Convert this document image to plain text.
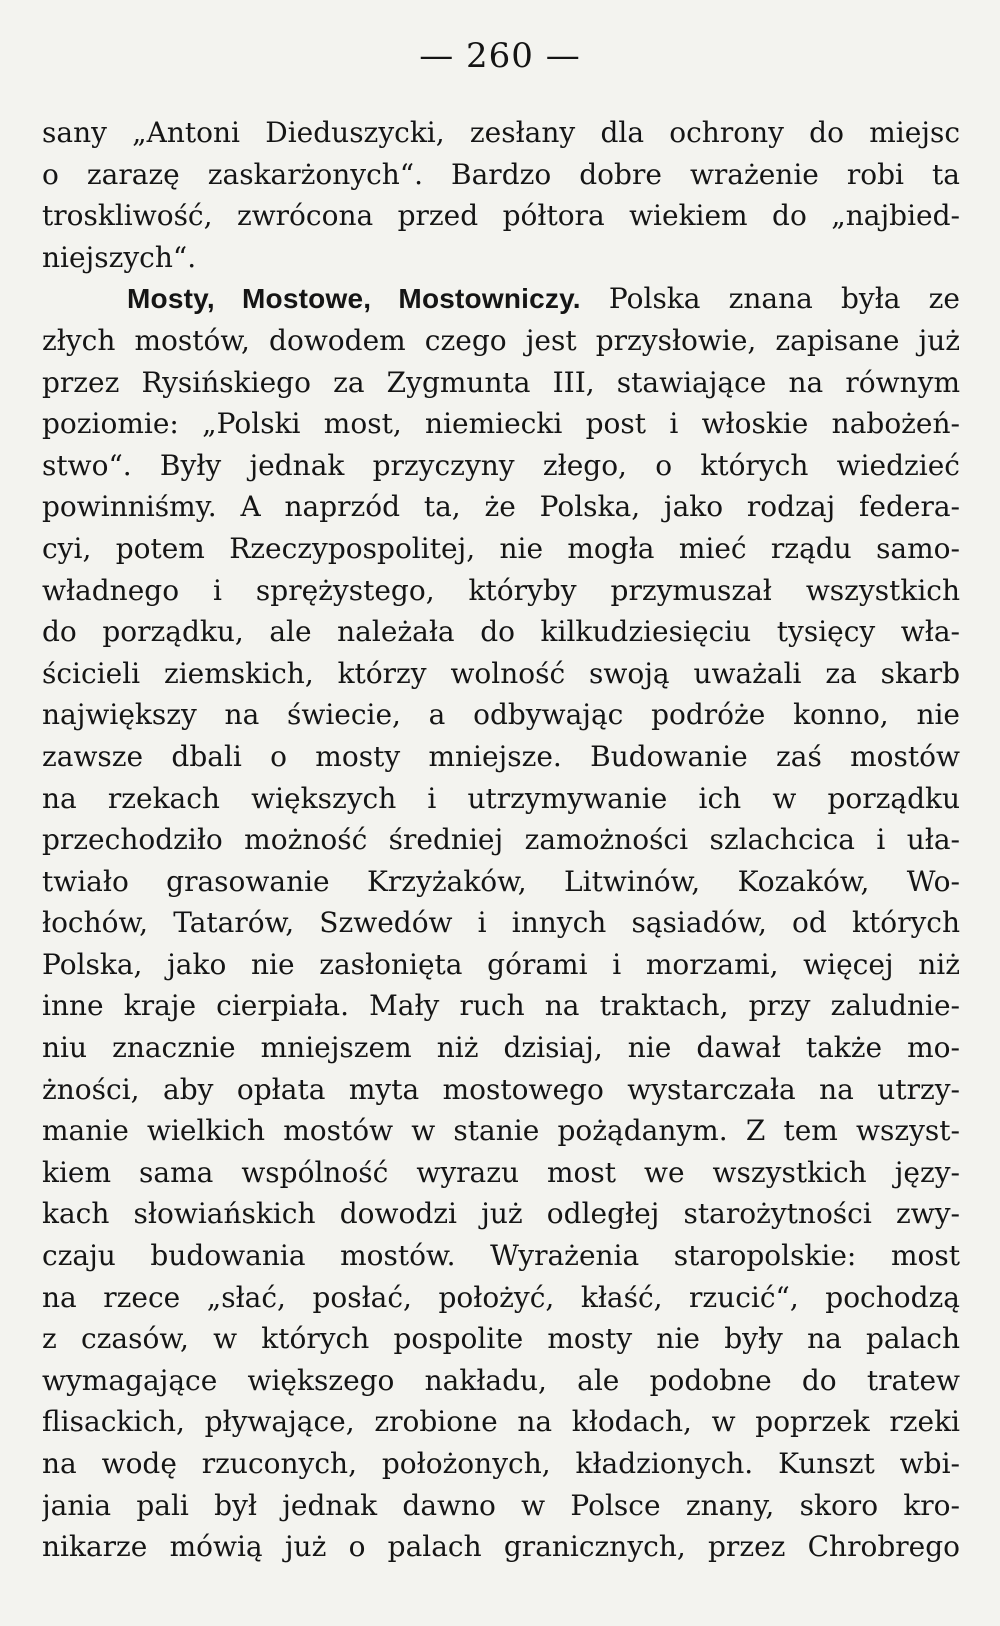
— 260 —
sany „Antoni Dieduszycki, zesłany dla ochrony do miejsc
o zarazę zaskarżonych“. Bardzo dobre wrażenie robi ta
troskliwość, zwrócona przed półtora wiekiem do „najbied-
niejszych“.
Mosty, Mostowe, Mostowniczy. Polska znana była ze
złych mostów, dowodem czego jest przysłowie, zapisane już
przez Rysińskiego za Zygmunta III, stawiające na równym
poziomie: „Polski most, niemiecki post i włoskie nabożeń-
stwo“. Były jednak przyczyny złego, o których wiedzieć
powinniśmy. A naprzód ta, że Polska, jako rodzaj federa-
cyi, potem Rzeczypospolitej, nie mogła mieć rządu samo-
władnego i sprężystego, któryby przymuszał wszystkich
do porządku, ale należała do kilkudziesięciu tysięcy wła-
ścicieli ziemskich, którzy wolność swoją uważali za skarb
największy na świecie, a odbywając podróże konno, nie
zawsze dbali o mosty mniejsze. Budowanie zaś mostów
na rzekach większych i utrzymywanie ich w porządku
przechodziło możność średniej zamożności szlachcica i uła-
twiało grasowanie Krzyżaków, Litwinów, Kozaków, Wo-
łochów, Tatarów, Szwedów i innych sąsiadów, od których
Polska, jako nie zasłonięta górami i morzami, więcej niż
inne kraje cierpiała. Mały ruch na traktach, przy zaludnie-
niu znacznie mniejszem niż dzisiaj, nie dawał także mo-
żności, aby opłata myta mostowego wystarczała na utrzy-
manie wielkich mostów w stanie pożądanym. Z tem wszyst-
kiem sama wspólność wyrazu most we wszystkich języ-
kach słowiańskich dowodzi już odległej starożytności zwy-
czaju budowania mostów. Wyrażenia staropolskie: most
na rzece „słać, posłać, położyć, kłaść, rzucić“, pochodzą
z czasów, w których pospolite mosty nie były na palach
wymagające większego nakładu, ale podobne do tratew
flisackich, pływające, zrobione na kłodach, w poprzek rzeki
na wodę rzuconych, położonych, kładzionych. Kunszt wbi-
jania pali był jednak dawno w Polsce znany, skoro kro-
nikarze mówią już o palach granicznych, przez Chrobrego
